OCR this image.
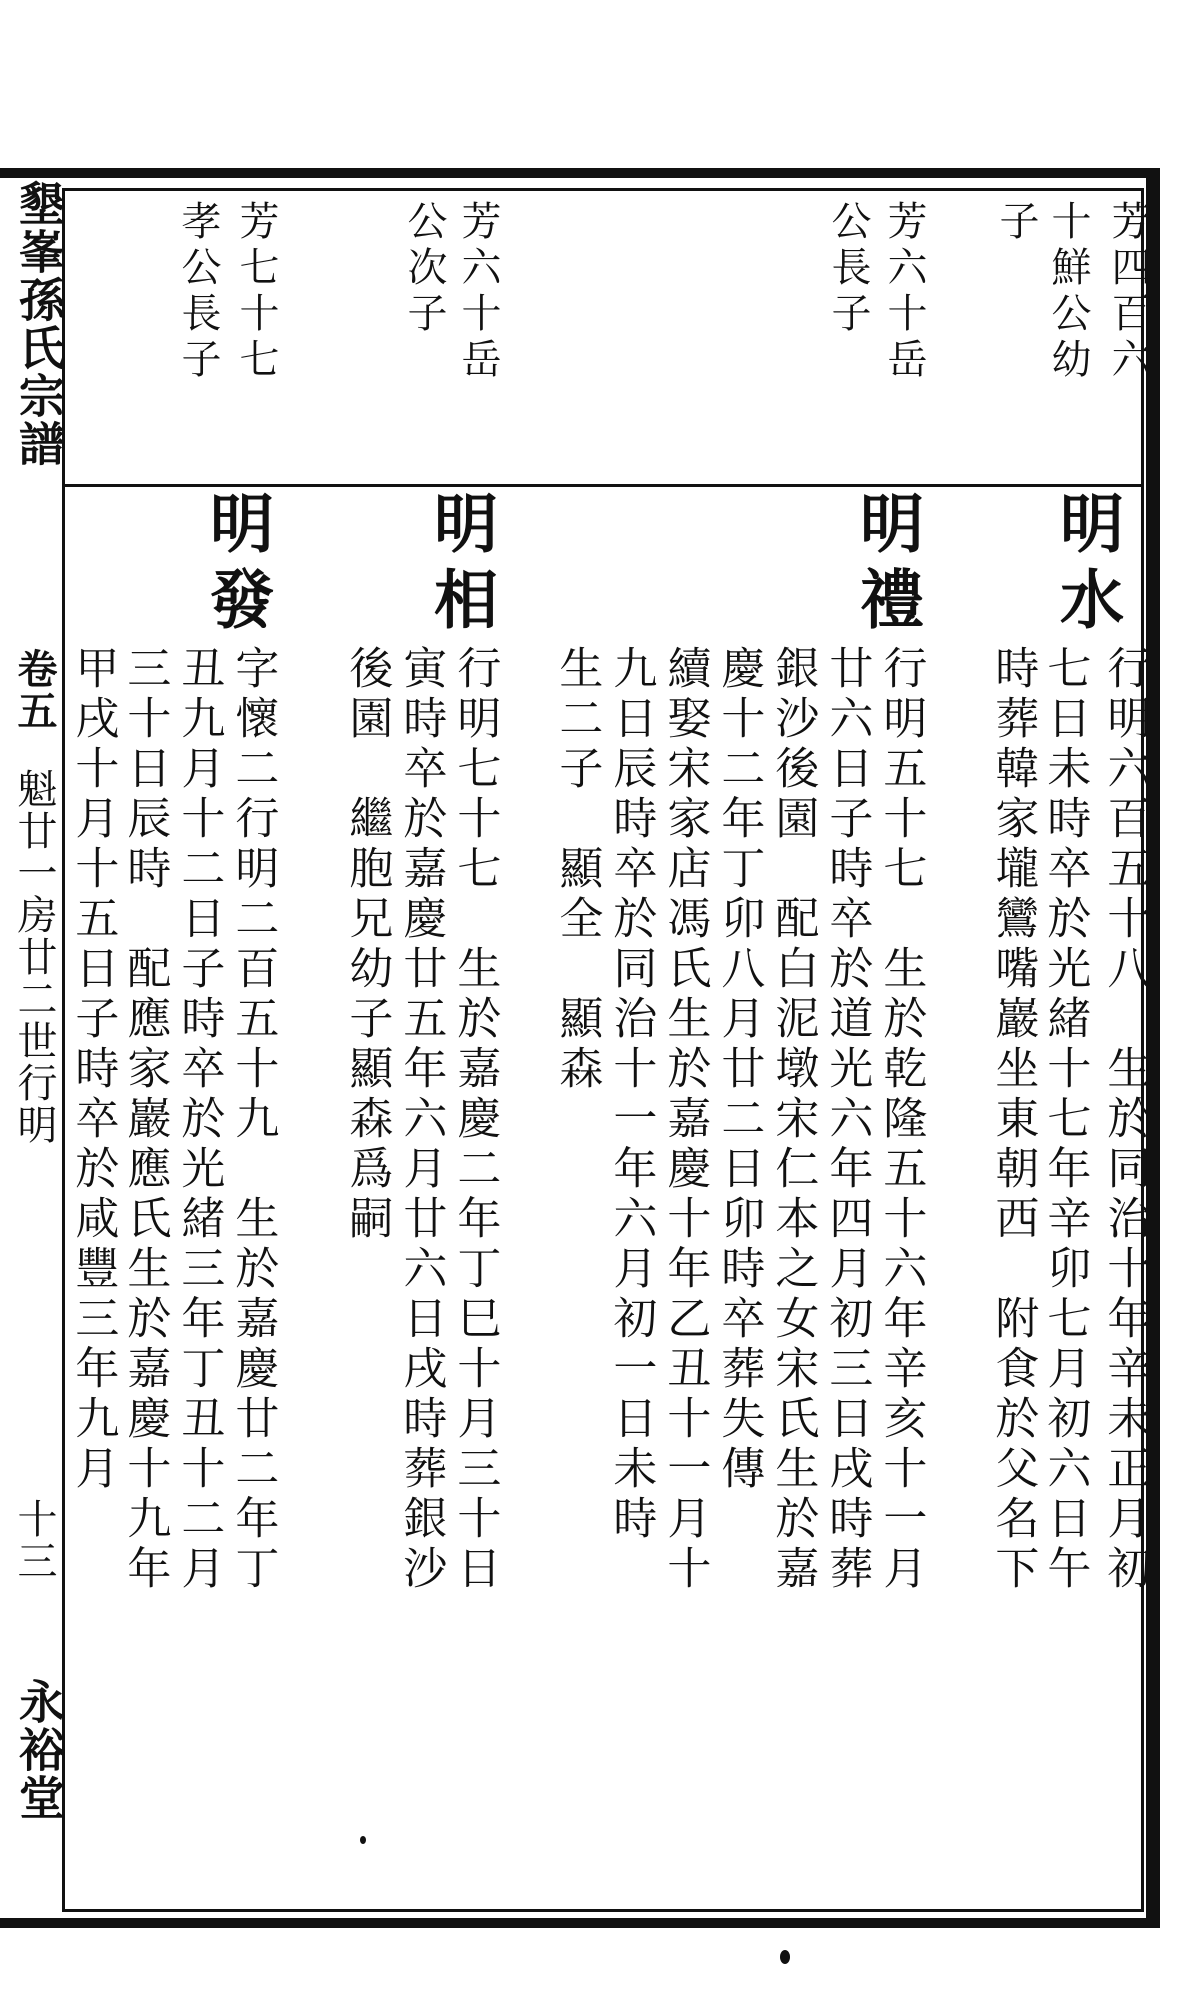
墾峯孫氏宗譜
卷五
魁廿一房廿二世行明
十三
永裕堂
芳四百六
十鮮公幼
子
芳六十岳
公長子
芳六十岳
公次子
芳七十七
孝公長子
明水
行明六百五十八　生於同治十年辛未正月初
七日未時卒於光緒十七年辛卯七月初六日午
時葬韓家壠鸞嘴巖坐東朝西　附食於父名下
明禮
行明五十七　生於乾隆五十六年辛亥十一月
廿六日子時卒於道光六年四月初三日戌時葬
銀沙後園　配白泥墩宋仁本之女宋氏生於嘉
慶十二年丁卯八月廿二日卯時卒葬失傳
續娶宋家店馮氏生於嘉慶十年乙丑十一月十
九日辰時卒於同治十一年六月初一日未時
生二子　顯全　顯森
明相
行明七十七　生於嘉慶二年丁巳十月三十日
寅時卒於嘉慶廿五年六月廿六日戌時葬銀沙
後園　繼胞兄幼子顯森爲嗣
明發
字懷二行明二百五十九　生於嘉慶廿二年丁
丑九月十二日子時卒於光緒三年丁丑十二月
三十日辰時　配應家巖應氏生於嘉慶十九年
甲戌十月十五日子時卒於咸豐三年九月
